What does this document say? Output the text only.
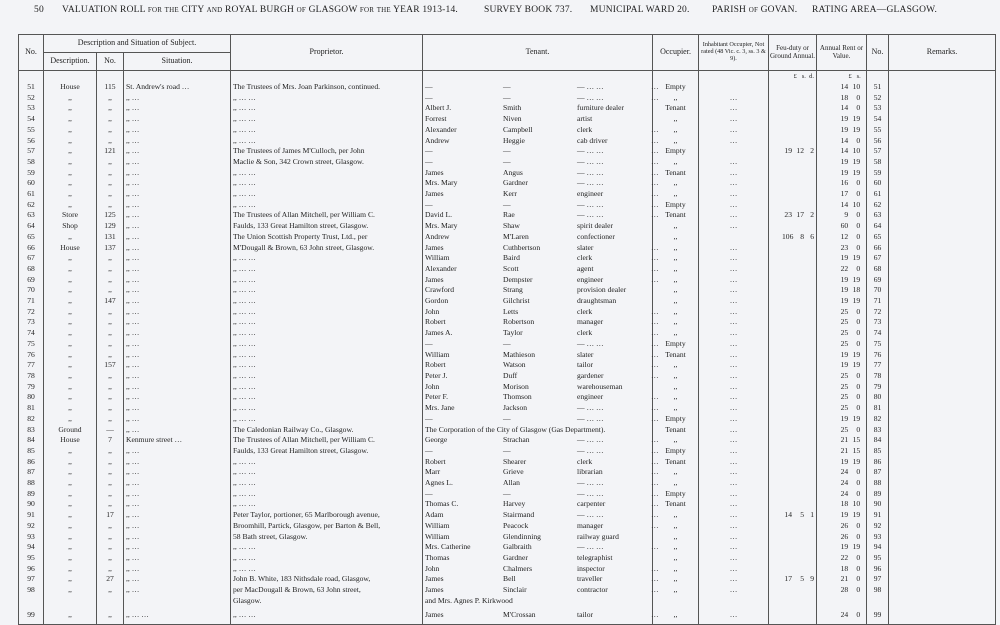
50 VALUATION ROLL for the CITY and ROYAL BURGH of GLASGOW for the YEAR 1913-14.	SURVEY BOOK 737. MUNICIPAL WARD 20. PARISH of GOVAN. RATING AREA—GLASGOW.
No.	Description and Situation of Subject.			Proprietor.	Tenant.	Occupier.	Inhabitant Occupier, Not rated (48 Vic. c. 3, ss. 3 & 9).	Feu-duty or Ground Annual.	Annual Rent or Value.	No.	Remarks.
	Description.	No.	Situation.								
								£ s. d.	£ s.		
51	House	115	St. Andrew's road …	The Trustees of Mrs. Joan Parkinson, continued.	— — — … … …	Empty			14 10	51	
52	,,	,,	,, …	,, … …	— — — … … …	,,	…		18 0	52	
53	,,	,,	,, …	,, … …	Albert J. Smith furniture dealer	Tenant	…		14 0	53	
54	,,	,,	,, …	,, … …	Forrest Niven artist	,,	…		19 19	54	
55	,,	,,	,, …	,, … …	Alexander Campbell clerk …	,,	…		19 19	55	
56	,,	,,	,, …	,, … …	Andrew Heggie cab driver …	,,	…		14 0	56	
57	,,	121	,, …	The Trustees of James M'Culloch, per John	— — — … … …	Empty		19 12 2	14 10	57	
58	,,	,,	,, …	Maclie & Son, 342 Crown street, Glasgow.	— — — … … …	,,	…		19 19	58	
59	,,	,,	,, …	,, … …	James Angus — … … …	Tenant	…		19 19	59	
60	,,	,,	,, …	,, … …	Mrs. Mary Gardner — … … …	,,	…		16 0	60	
61	,,	,,	,, …	,, … …	James Kerr engineer …	,,	…		17 0	61	
62	,,	,,	,, …	,, … …	— — — … … …	Empty	…		14 10	62	
63	Store	125	,, …	The Trustees of Allan Mitchell, per William C.	David L. Rae — … … …	Tenant	…	23 17 2	9 0	63	
64	Shop	129	,, …	Faulds, 133 Great Hamilton street, Glasgow.	Mrs. Mary Shaw spirit dealer	,,	…		60 0	64	
65	,,	131	,, …	The Union Scottish Property Trust, Ltd., per	Andrew M'Laren confectioner	,,		106 8 6	12 0	65	
66	House	137	,, …	M'Dougall & Brown, 63 John street, Glasgow.	James Cuthbertson slater …	,,	…		23 0	66	
67	,,	,,	,, …	,, … …	William Baird clerk …	,,	…		19 19	67	
68	,,	,,	,, …	,, … …	Alexander Scott agent …	,,	…		22 0	68	
69	,,	,,	,, …	,, … …	James Dempster engineer …	,,	…		19 19	69	
70	,,	,,	,, …	,, … …	Crawford Strang provision dealer	,,	…		19 18	70	
71	,,	147	,, …	,, … …	Gordon Gilchrist draughtsman	,,	…		19 19	71	
72	,,	,,	,, …	,, … …	John Letts clerk …	,,	…		25 0	72	
73	,,	,,	,, …	,, … …	Robert Robertson manager …	,,	…		25 0	73	
74	,,	,,	,, …	,, … …	James A. Taylor clerk …	,,	…		25 0	74	
75	,,	,,	,, …	,, … …	— — — … … …	Empty	…		25 0	75	
76	,,	,,	,, …	,, … …	William Mathieson slater …	Tenant	…		19 19	76	
77	,,	157	,, …	,, … …	Robert Watson tailor …	,,	…		19 19	77	
78	,,	,,	,, …	,, … …	Peter J. Duff gardener …	,,	…		25 0	78	
79	,,	,,	,, …	,, … …	John Morison warehouseman	,,	…		25 0	79	
80	,,	,,	,, …	,, … …	Peter F. Thomson engineer …	,,	…		25 0	80	
81	,,	,,	,, …	,, … …	Mrs. Jane Jackson — … … …	,,	…		25 0	81	
82	,,	,,	,, …	,, … …	— — — … … …	Empty	…		19 19	82	
83	Ground	—	,, …	The Caledonian Railway Co., Glasgow.	The Corporation of the City of Glasgow (Gas Department).	Tenant	…		25 0	83	
84	House	7	Kenmure street …	The Trustees of Allan Mitchell, per William C.	George Strachan — … … …	,,	…		21 15	84	
85	,,	,,	,, …	Faulds, 133 Great Hamilton street, Glasgow.	— — — … … …	Empty	…		21 15	85	
86	,,	,,	,, …	,, … …	Robert Shearer clerk …	Tenant	…		19 19	86	
87	,,	,,	,, …	,, … …	Marr Grieve librarian …	,,	…		24 0	87	
88	,,	,,	,, …	,, … …	Agnes L. Allan — … … …	,,	…		24 0	88	
89	,,	,,	,, …	,, … …	— — — … … …	Empty	…		24 0	89	
90	,,	,,	,, …	,, … …	Thomas C. Harvey carpenter …	Tenant	…		18 10	90	
91	,,	17	,, …	Peter Taylor, portioner, 65 Marlborough avenue,	Adam Stairmand — … … …	,,	…	14 5 1	19 19	91	
92	,,	,,	,, …	Broomhill, Partick, Glasgow, per Barton & Bell,	William Peacock manager …	,,	…		26 0	92	
93	,,	,,	,, …	58 Bath street, Glasgow.	William Glendinning railway guard	,,	…		26 0	93	
94	,,	,,	,, …	,, … …	Mrs. Catherine Galbraith — … … …	,,	…		19 19	94	
95	,,	,,	,, …	,, … …	Thomas Gardner telegraphist	,,	…		22 0	95	
96	,,	,,	,, …	,, … …	John Chalmers inspector …	,,	…		18 0	96	
97	,,	27	,, …	John B. White, 183 Nithsdale road, Glasgow,	James Bell traveller …	,,	…	17 5 9	21 0	97	
98	,,	,,	,, …	per MacDougall & Brown, 63 John street,	James Sinclair contractor …	,,	…		28 0	98	
				Glasgow.	and Mrs. Agnes P. Kirkwood						

99	,,	,,	,, … …	,, … …	James M'Crossan tailor …	,,	…		24 0	99	
